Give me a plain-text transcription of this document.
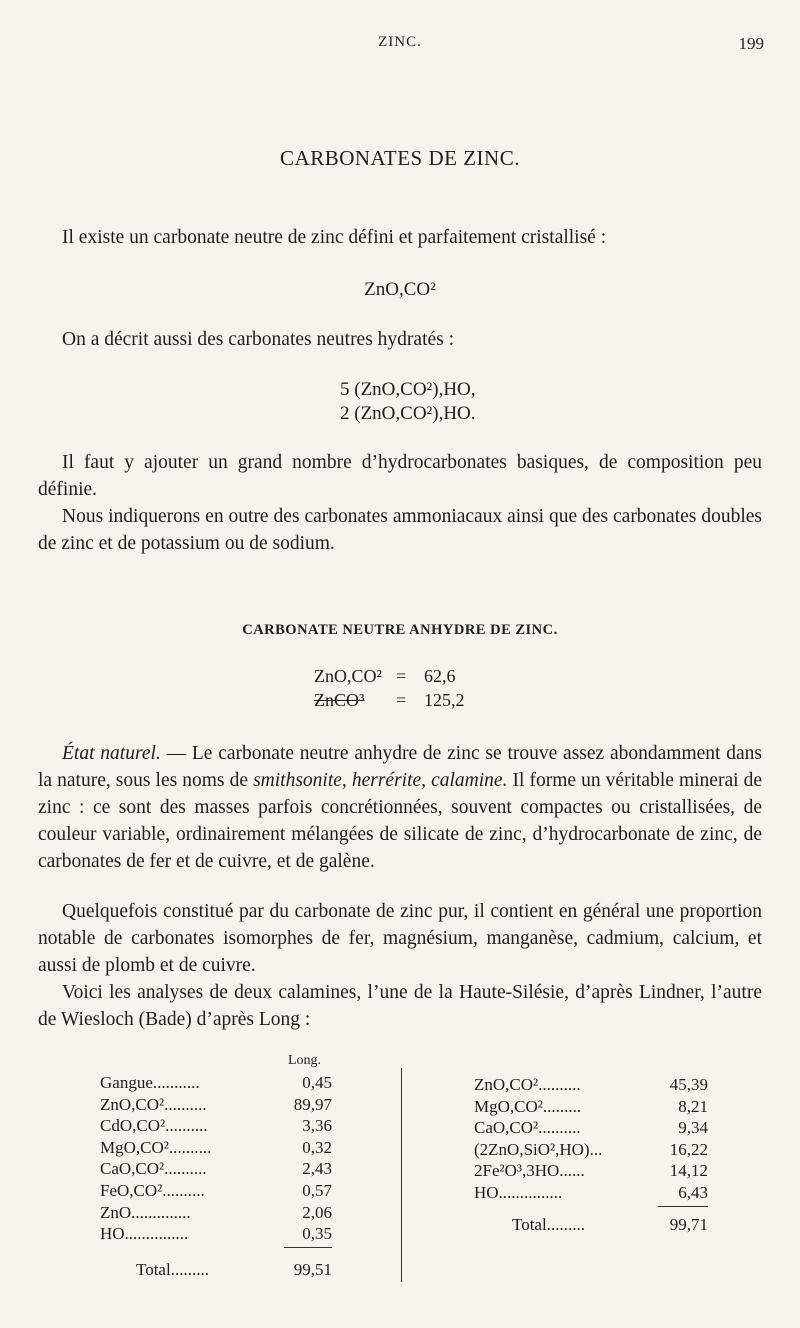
ZINC.	199
CARBONATES DE ZINC.
Il existe un carbonate neutre de zinc défini et parfaitement cristallisé :
ZnO,CO²
On a décrit aussi des carbonates neutres hydratés :
5 (ZnO,CO²),HO,
2 (ZnO,CO²),HO.
Il faut y ajouter un grand nombre d’hydrocarbonates basiques, de composition peu définie.
Nous indiquerons en outre des carbonates ammoniacaux ainsi que des carbonates doubles de zinc et de potassium ou de sodium.
CARBONATE NEUTRE ANHYDRE DE ZINC.
ZnO,CO² = 62,6
ZnCO³ = 125,2
État naturel. — Le carbonate neutre anhydre de zinc se trouve assez abondamment dans la nature, sous les noms de smithsonite, herrérite, calamine. Il forme un véritable minerai de zinc : ce sont des masses parfois concrétionnées, souvent compactes ou cristallisées, de couleur variable, ordinairement mélangées de silicate de zinc, d’hydrocarbonate de zinc, de carbonates de fer et de cuivre, et de galène.
Quelquefois constitué par du carbonate de zinc pur, il contient en général une proportion notable de carbonates isomorphes de fer, magnésium, manganèse, cadmium, calcium, et aussi de plomb et de cuivre.
Voici les analyses de deux calamines, l’une de la Haute-Silésie, d’après Lindner, l’autre de Wiesloch (Bade) d’après Long :
Long.
Gangue...........	0,45
ZnO,CO²..........	89,97
CdO,CO²..........	3,36
MgO,CO²..........	0,32
CaO,CO²..........	2,43
FeO,CO²..........	0,57
ZnO..............	2,06
HO...............	0,35
Total.........	99,51
ZnO,CO²..........	45,39
MgO,CO².........	8,21
CaO,CO²..........	9,34
(2ZnO,SiO²,HO)...	16,22
2Fe²O³,3HO......	14,12
HO...............	6,43
Total.........	99,71
